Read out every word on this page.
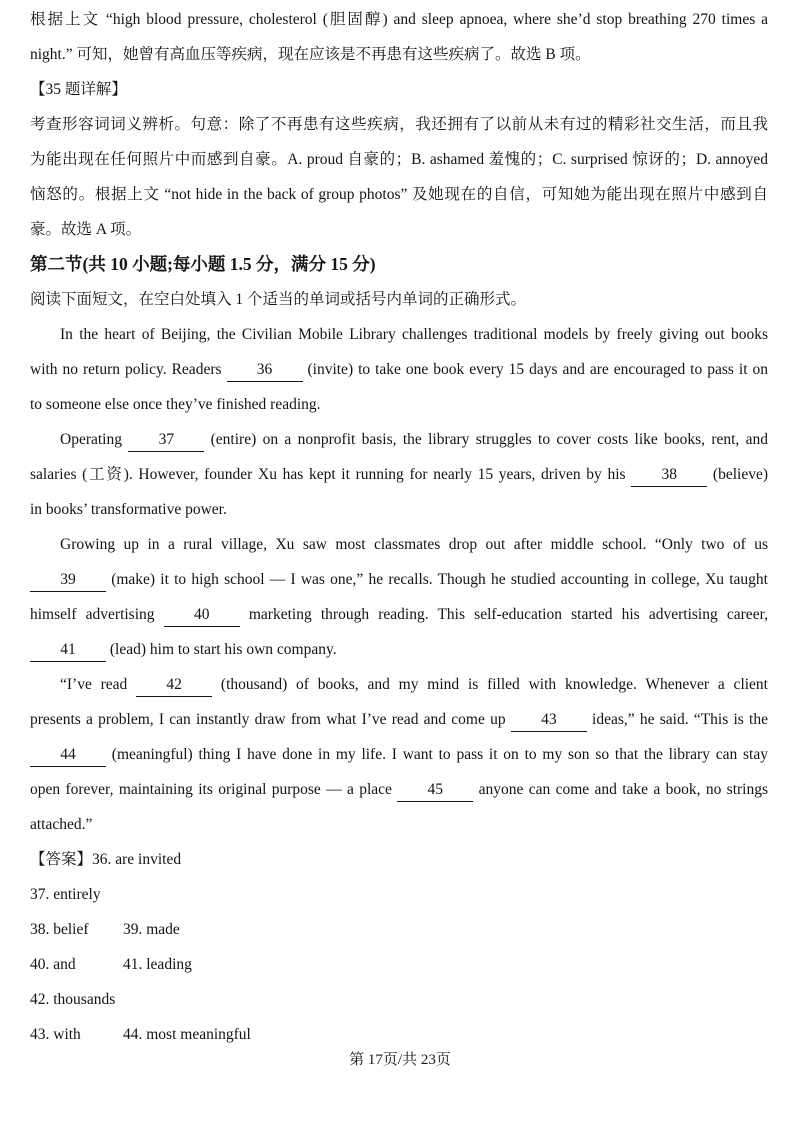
根据上文 “high blood pressure, cholesterol (胆固醇) and sleep apnoea, where she’d stop breathing 270 times a
night.” 可知，她曾有高血压等疾病，现在应该是不再患有这些疾病了。故选 B 项。
【35 题详解】
考查形容词词义辨析。句意：除了不再患有这些疾病，我还拥有了以前从未有过的精彩社交生活，而且我
为能出现在任何照片中而感到自豪。A. proud 自豪的；B. ashamed 羞愧的；C. surprised 惊讶的；D. annoyed
恼怒的。根据上文 “not hide in the back of group photos” 及她现在的自信，可知她为能出现在照片中感到自
豪。故选 A 项。
第二节(共 10 小题;每小题 1.5 分，满分 15 分)
阅读下面短文，在空白处填入 1 个适当的单词或括号内单词的正确形式。
In the heart of Beijing, the Civilian Mobile Library challenges traditional models by freely giving out books
with no return policy. Readers 36 (invite) to take one book every 15 days and are encouraged to pass it on
to someone else once they’ve finished reading.
Operating 37 (entire) on a nonprofit basis, the library struggles to cover costs like books, rent, and
salaries (工资). However, founder Xu has kept it running for nearly 15 years, driven by his 38 (believe)
in books’ transformative power.
Growing up in a rural village, Xu saw most classmates drop out after middle school. “Only two of us
39 (make) it to high school — I was one,” he recalls. Though he studied accounting in college, Xu taught
himself advertising 40 marketing through reading. This self-education started his advertising career,
41 (lead) him to start his own company.
“I’ve read 42 (thousand) of books, and my mind is filled with knowledge. Whenever a client
presents a problem, I can instantly draw from what I’ve read and come up 43 ideas,” he said. “This is the
44 (meaningful) thing I have done in my life. I want to pass it on to my son so that the library can stay
open forever, maintaining its original purpose — a place 45 anyone can come and take a book, no strings
attached.”
【答案】36. are invited
37. entirely
38. belief 39. made
40. and	41. leading
42. thousands
43. with	44. most meaningful
第 17页/共 23页
